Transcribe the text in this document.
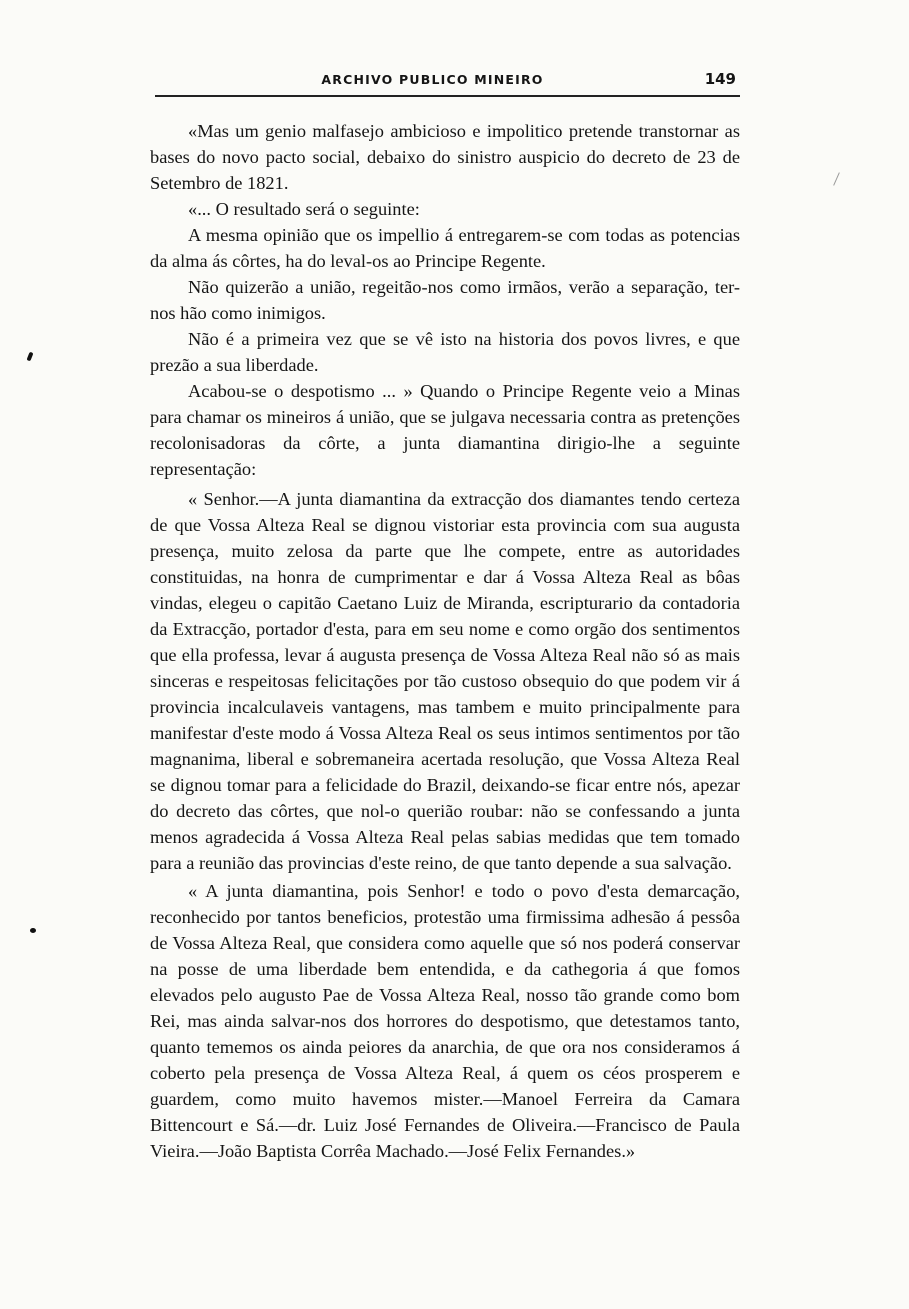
ARCHIVO PUBLICO MINEIRO	149

«Mas um genio malfasejo ambicioso e impolitico pretende transtornar as bases do novo pacto social, debaixo do sinistro auspicio do decreto de 23 de Setembro de 1821.

«... O resultado será o seguinte:

A mesma opinião que os impellio á entregarem-se com todas as potencias da alma ás côrtes, ha do leval-os ao Principe Regente.

Não quizerão a união, regeitão-nos como irmãos, verão a separação, ter-nos hão como inimigos.

Não é a primeira vez que se vê isto na historia dos povos livres, e que prezão a sua liberdade.

Acabou-se o despotismo ... » Quando o Principe Regente veio a Minas para chamar os mineiros á união, que se julgava necessaria contra as pretenções recolonisadoras da côrte, a junta diamantina dirigio-lhe a seguinte representação:

« Senhor.—A junta diamantina da extracção dos diamantes tendo certeza de que Vossa Alteza Real se dignou vistoriar esta provincia com sua augusta presença, muito zelosa da parte que lhe compete, entre as autoridades constituidas, na honra de cumprimentar e dar á Vossa Alteza Real as bôas vindas, elegeu o capitão Caetano Luiz de Miranda, escripturario da contadoria da Extracção, portador d'esta, para em seu nome e como orgão dos sentimentos que ella professa, levar á augusta presença de Vossa Alteza Real não só as mais sinceras e respeitosas felicitações por tão custoso obsequio do que podem vir á provincia incalculaveis vantagens, mas tambem e muito principalmente para manifestar d'este modo á Vossa Alteza Real os seus intimos sentimentos por tão magnanima, liberal e sobremaneira acertada resolução, que Vossa Alteza Real se dignou tomar para a felicidade do Brazil, deixando-se ficar entre nós, apezar do decreto das côrtes, que nol-o querião roubar: não se confessando a junta menos agradecida á Vossa Alteza Real pelas sabias medidas que tem tomado para a reunião das provincias d'este reino, de que tanto depende a sua salvação.

« A junta diamantina, pois Senhor! e todo o povo d'esta demarcação, reconhecido por tantos beneficios, protestão uma firmissima adhesão á pessôa de Vossa Alteza Real, que considera como aquelle que só nos poderá conservar na posse de uma liberdade bem entendida, e da cathegoria á que fomos elevados pelo augusto Pae de Vossa Alteza Real, nosso tão grande como bom Rei, mas ainda salvar-nos dos horrores do despotismo, que detestamos tanto, quanto tememos os ainda peiores da anarchia, de que ora nos consideramos á coberto pela presença de Vossa Alteza Real, á quem os céos prosperem e guardem, como muito havemos mister.—Manoel Ferreira da Camara Bittencourt e Sá.—dr. Luiz José Fernandes de Oliveira.—Francisco de Paula Vieira.—João Baptista Corrêa Machado.—José Felix Fernandes.»
